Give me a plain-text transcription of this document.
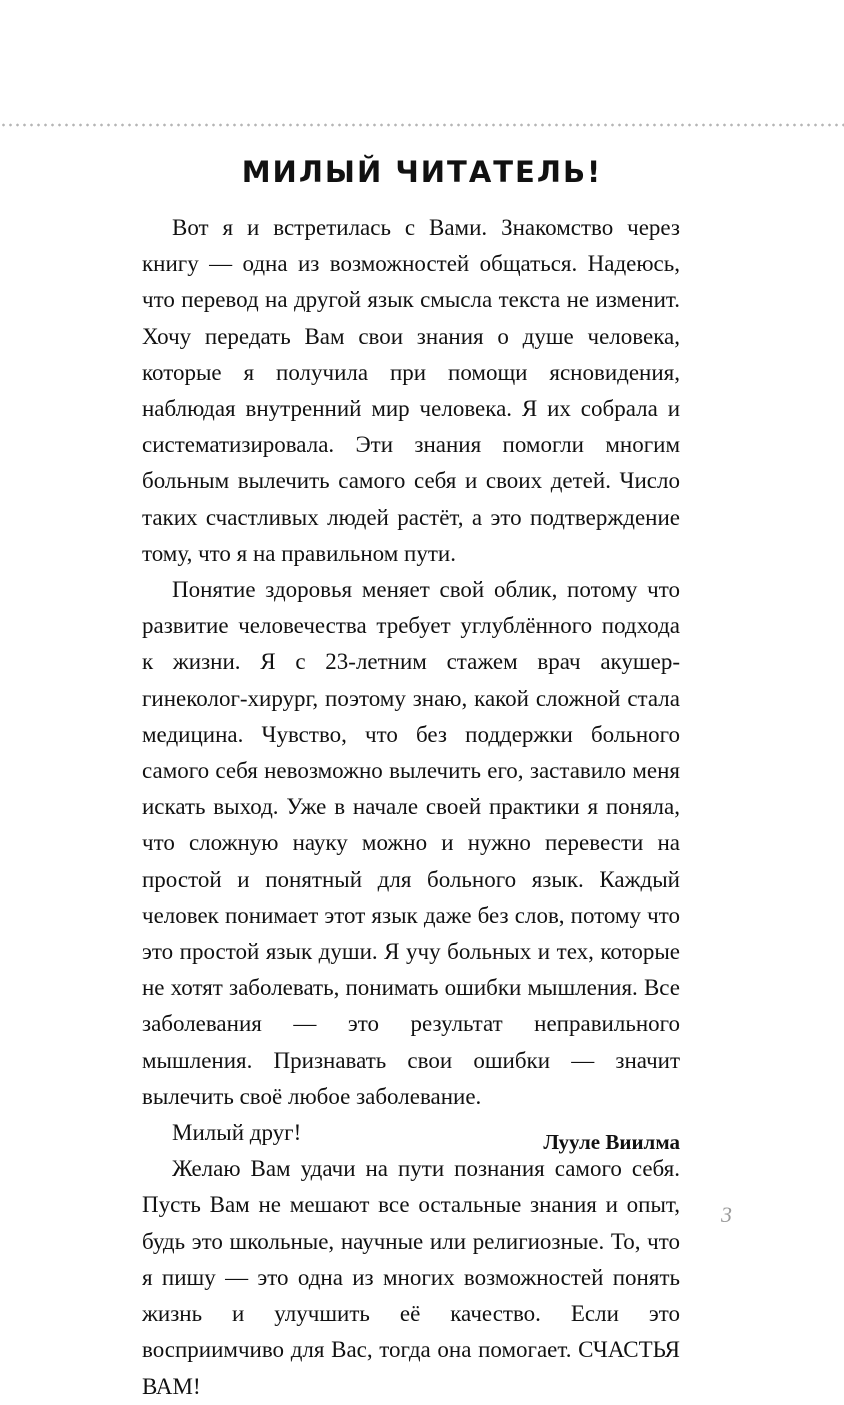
МИЛЫЙ ЧИТАТЕЛЬ!

Вот я и встретилась с Вами. Знакомство через книгу — одна из возможностей общаться. Надеюсь, что перевод на другой язык смысла текста не изменит. Хочу передать Вам свои знания о душе человека, которые я получила при помощи ясновидения, наблюдая внутренний мир человека. Я их собрала и систематизировала. Эти знания помогли многим больным вылечить самого себя и своих детей. Число таких счастливых людей растёт, а это подтверждение тому, что я на правильном пути.

Понятие здоровья меняет свой облик, потому что развитие человечества требует углублённого подхода к жизни. Я с 23-летним стажем врач акушер-гинеколог-хирург, поэтому знаю, какой сложной стала медицина. Чувство, что без поддержки больного самого себя невозможно вылечить его, заставило меня искать выход. Уже в начале своей практики я поняла, что сложную науку можно и нужно перевести на простой и понятный для больного язык. Каждый человек понимает этот язык даже без слов, потому что это простой язык души. Я учу больных и тех, которые не хотят заболевать, понимать ошибки мышления. Все заболевания — это результат неправильного мышления. Признавать свои ошибки — значит вылечить своё любое заболевание.

Милый друг!

Желаю Вам удачи на пути познания самого себя. Пусть Вам не мешают все остальные знания и опыт, будь это школьные, научные или религиозные. То, что я пишу — это одна из многих возможностей понять жизнь и улучшить её качество. Если это восприимчиво для Вас, тогда она помогает. СЧАСТЬЯ ВАМ!

Лууле Виилма

3
